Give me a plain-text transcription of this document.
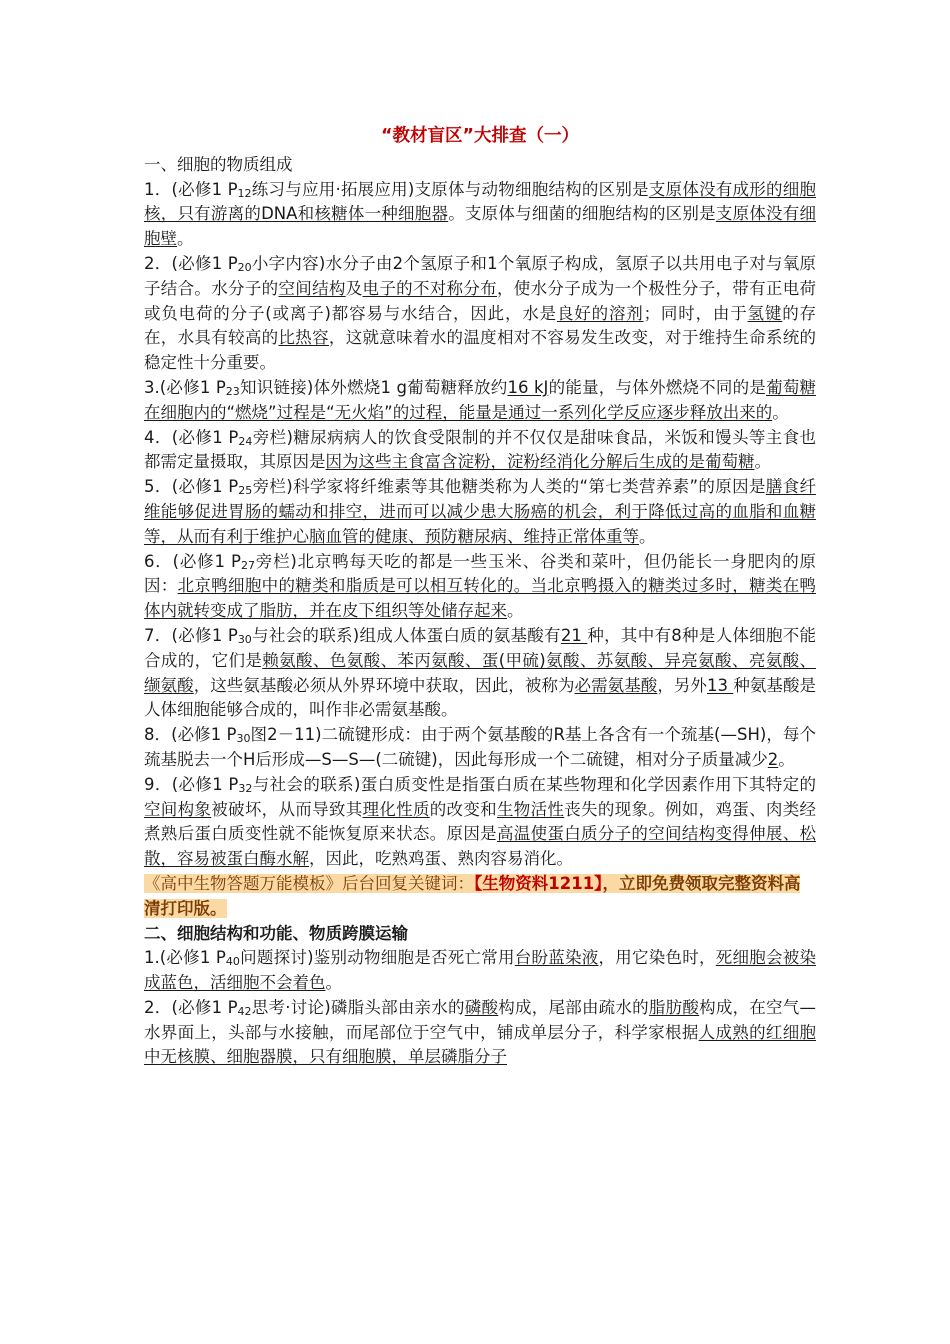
“教材盲区”大排查（一）

一、细胞的物质组成

1．(必修1 $P_{12}$练习与应用·拓展应用)支原体与动物细胞结构的区别是支原体没有成形的细胞核，只有游离的DNA和核糖体一种细胞器。支原体与细菌的细胞结构的区别是支原体没有细胞壁。

2．(必修1 $P_{20}$小字内容)水分子由2个氢原子和1个氧原子构成，氢原子以共用电子对与氧原子结合。水分子的空间结构及电子的不对称分布，使水分子成为一个极性分子，带有正电荷或负电荷的分子(或离子)都容易与水结合，因此，水是良好的溶剂；同时，由于氢键的存在，水具有较高的比热容，这就意味着水的温度相对不容易发生改变，对于维持生命系统的稳定性十分重要。

3.(必修1 $P_{23}$知识链接)体外燃烧1 g葡萄糖释放约16 kJ的能量，与体外燃烧不同的是葡萄糖在细胞内的“燃烧”过程是“无火焰”的过程，能量是通过一系列化学反应逐步释放出来的。

4．(必修1 $P_{24}$旁栏)糖尿病病人的饮食受限制的并不仅仅是甜味食品，米饭和馒头等主食也都需定量摄取，其原因是因为这些主食富含淀粉，淀粉经消化分解后生成的是葡萄糖。

5．(必修1 $P_{25}$旁栏)科学家将纤维素等其他糖类称为人类的“第七类营养素”的原因是膳食纤维能够促进胃肠的蠕动和排空，进而可以减少患大肠癌的机会，利于降低过高的血脂和血糖等，从而有利于维护心脑血管的健康、预防糖尿病、维持正常体重等。

6．(必修1 $P_{27}$旁栏)北京鸭每天吃的都是一些玉米、谷类和菜叶，但仍能长一身肥肉的原因：北京鸭细胞中的糖类和脂质是可以相互转化的。当北京鸭摄入的糖类过多时，糖类在鸭体内就转变成了脂肪，并在皮下组织等处储存起来。

7．(必修1 $P_{30}$与社会的联系)组成人体蛋白质的氨基酸有21 种，其中有8种是人体细胞不能合成的，它们是赖氨酸、色氨酸、苯丙氨酸、蛋(甲硫)氨酸、苏氨酸、异亮氨酸、亮氨酸、缬氨酸，这些氨基酸必须从外界环境中获取，因此，被称为必需氨基酸，另外13 种氨基酸是人体细胞能够合成的，叫作非必需氨基酸。

8．(必修1 $P_{30}$图2－11)二硫键形成：由于两个氨基酸的R基上各含有一个巯基(—SH)，每个巯基脱去一个H后形成—S—S—(二硫键)，因此每形成一个二硫键，相对分子质量减少2。

9．(必修1 $P_{32}$与社会的联系)蛋白质变性是指蛋白质在某些物理和化学因素作用下其特定的空间构象被破坏，从而导致其理化性质的改变和生物活性丧失的现象。例如，鸡蛋、肉类经煮熟后蛋白质变性就不能恢复原来状态。原因是高温使蛋白质分子的空间结构变得伸展、松散，容易被蛋白酶水解，因此，吃熟鸡蛋、熟肉容易消化。

《高中生物答题万能模板》后台回复关键词：【生物资料1211】，立即免费领取完整资料高清打印版。

二、细胞结构和功能、物质跨膜运输

1.(必修1 $P_{40}$问题探讨)鉴别动物细胞是否死亡常用台盼蓝染液，用它染色时，死细胞会被染成蓝色，活细胞不会着色。

2．(必修1 $P_{42}$思考·讨论)磷脂头部由亲水的磷酸构成，尾部由疏水的脂肪酸构成，在空气—水界面上，头部与水接触，而尾部位于空气中，铺成单层分子，科学家根据人成熟的红细胞中无核膜、细胞器膜，只有细胞膜，单层磷脂分子
